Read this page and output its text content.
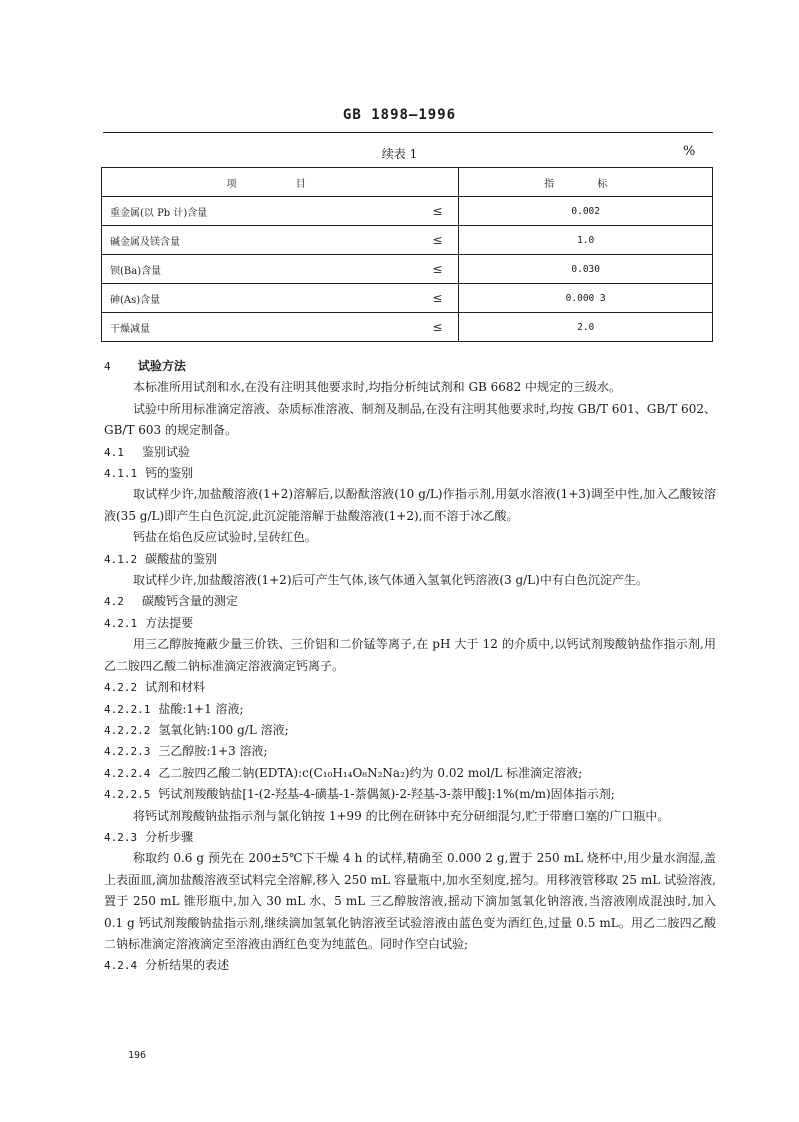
GB 1898—1996
续表 1	%
项 目	指 标
重金属(以 Pb 计)含量 ≤	0.002
碱金属及镁含量 ≤	1.0
钡(Ba)含量 ≤	0.030
砷(As)含量 ≤	0.000 3
干燥减量 ≤	2.0

4 试验方法

本标准所用试剂和水,在没有注明其他要求时,均指分析纯试剂和 GB 6682 中规定的三级水。

试验中所用标准滴定溶液、杂质标准溶液、制剂及制品,在没有注明其他要求时,均按 GB/T 601、GB/T 602、GB/T 603 的规定制备。

4.1 鉴别试验

4.1.1 钙的鉴别

取试样少许,加盐酸溶液(1+2)溶解后,以酚酞溶液(10 g/L)作指示剂,用氨水溶液(1+3)调至中性,加入乙酸铵溶液(35 g/L)即产生白色沉淀,此沉淀能溶解于盐酸溶液(1+2),而不溶于冰乙酸。

钙盐在焰色反应试验时,呈砖红色。

4.1.2 碳酸盐的鉴别

取试样少许,加盐酸溶液(1+2)后可产生气体,该气体通入氢氧化钙溶液(3 g/L)中有白色沉淀产生。

4.2 碳酸钙含量的测定

4.2.1 方法提要

用三乙醇胺掩蔽少量三价铁、三价铝和二价锰等离子,在 pH 大于 12 的介质中,以钙试剂羧酸钠盐作指示剂,用乙二胺四乙酸二钠标准滴定溶液滴定钙离子。

4.2.2 试剂和材料

4.2.2.1 盐酸:1+1 溶液;

4.2.2.2 氢氧化钠:100 g/L 溶液;

4.2.2.3 三乙醇胺:1+3 溶液;

4.2.2.4 乙二胺四乙酸二钠(EDTA):c(C₁₀H₁₄O₈N₂Na₂)约为 0.02 mol/L 标准滴定溶液;

4.2.2.5 钙试剂羧酸钠盐[1-(2-羟基-4-磺基-1-萘偶氮)-2-羟基-3-萘甲酸]:1%(m/m)固体指示剂;

将钙试剂羧酸钠盐指示剂与氯化钠按 1+99 的比例在研钵中充分研细混匀,贮于带磨口塞的广口瓶中。

4.2.3 分析步骤

称取约 0.6 g 预先在 200±5℃下干燥 4 h 的试样,精确至 0.000 2 g,置于 250 mL 烧杯中,用少量水润湿,盖上表面皿,滴加盐酸溶液至试料完全溶解,移入 250 mL 容量瓶中,加水至刻度,摇匀。用移液管移取 25 mL 试验溶液,置于 250 mL 锥形瓶中,加入 30 mL 水、5 mL 三乙醇胺溶液,摇动下滴加氢氧化钠溶液,当溶液刚成混浊时,加入 0.1 g 钙试剂羧酸钠盐指示剂,继续滴加氢氧化钠溶液至试验溶液由蓝色变为酒红色,过量 0.5 mL。用乙二胺四乙酸二钠标准滴定溶液滴定至溶液由酒红色变为纯蓝色。同时作空白试验;

4.2.4 分析结果的表述

196
